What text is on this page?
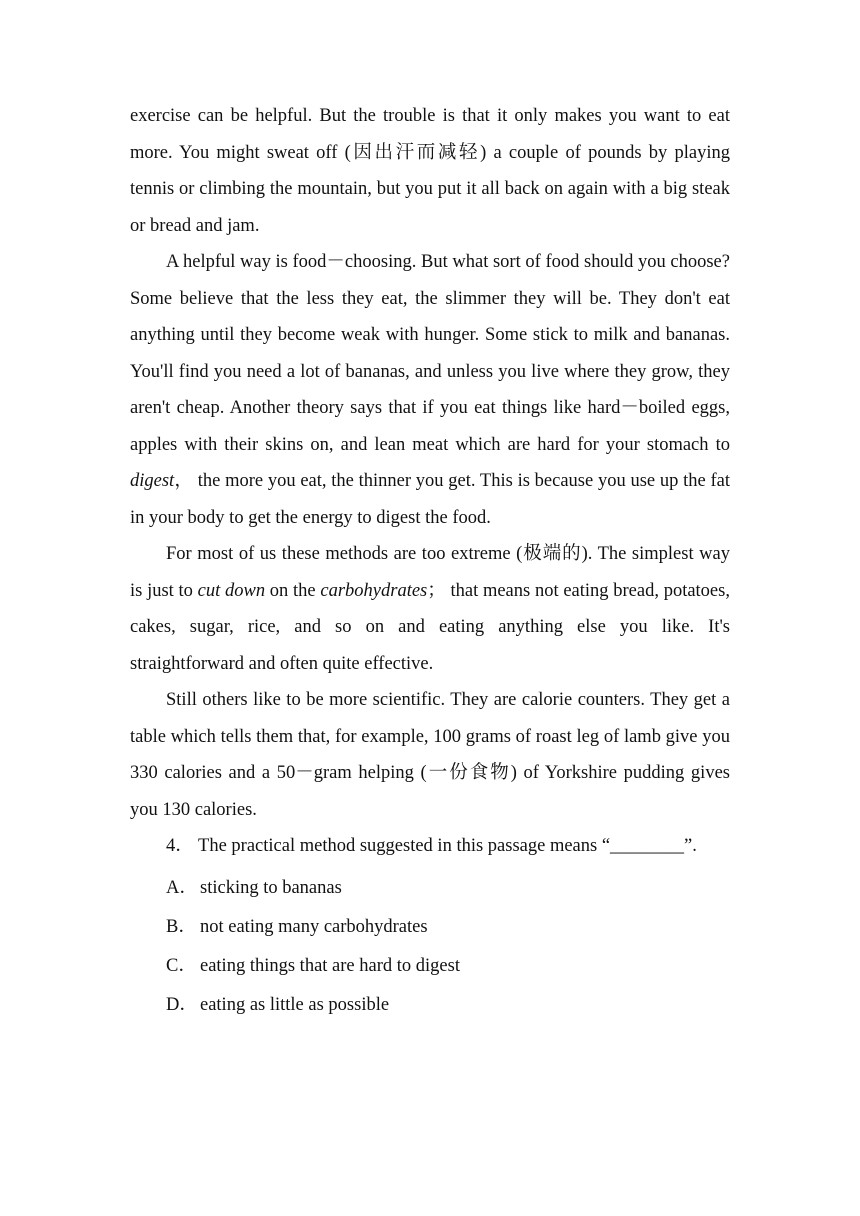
exercise can be helpful. But the trouble is that it only makes you want to eat more. You might sweat off (因出汗而减轻) a couple of pounds by playing tennis or climbing the mountain, but you put it all back on again with a big steak or bread and jam.

A helpful way is food－choosing. But what sort of food should you choose? Some believe that the less they eat, the slimmer they will be. They don't eat anything until they become weak with hunger. Some stick to milk and bananas. You'll find you need a lot of bananas, and unless you live where they grow, they aren't cheap. Another theory says that if you eat things like hard－boiled eggs, apples with their skins on, and lean meat which are hard for your stomach to digest， the more you eat, the thinner you get. This is because you use up the fat in your body to get the energy to digest the food.

For most of us these methods are too extreme (极端的). The simplest way is just to cut down on the carbohydrates； that means not eating bread, potatoes, cakes, sugar, rice, and so on and eating anything else you like. It's straightforward and often quite effective.

Still others like to be more scientific. They are calorie counters. They get a table which tells them that, for example, 100 grams of roast leg of lamb give you 330 calories and a 50－gram helping (一份食物) of Yorkshire pudding gives you 130 calories.

4． The practical method suggested in this passage means “________”.

A． sticking to bananas
B． not eating many carbohydrates
C． eating things that are hard to digest
D． eating as little as possible
